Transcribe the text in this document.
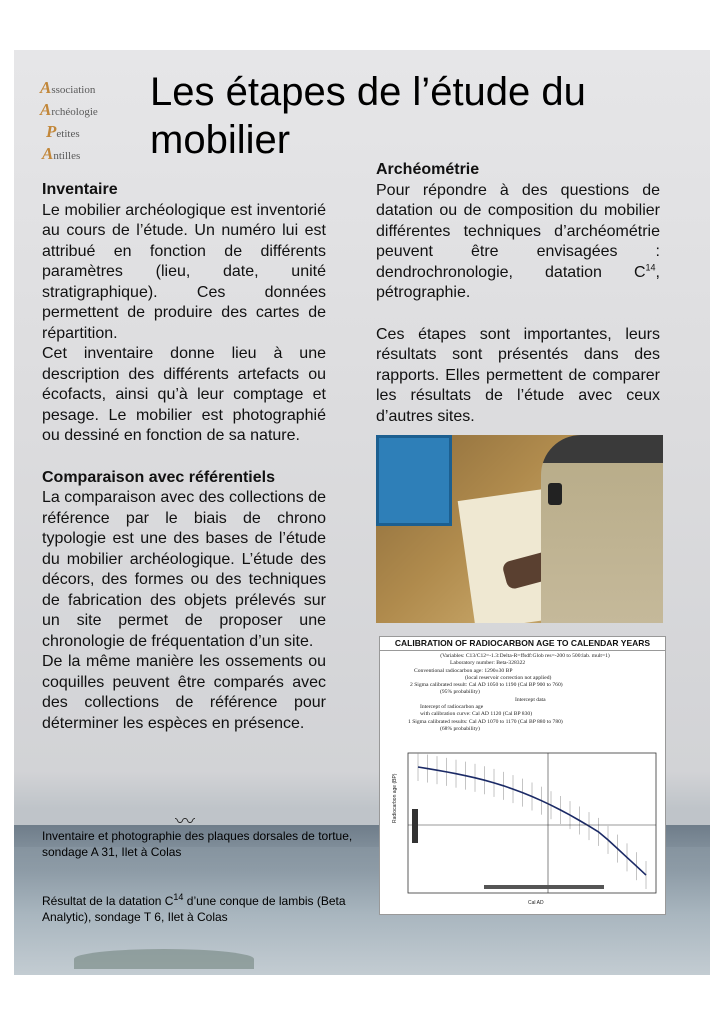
〰
Association
Archéologie
Petites
Antilles
Les étapes de l’étude du mobilier
Inventaire

Le mobilier archéologique est inventorié au cours de l’étude. Un numéro lui est attribué en fonction de différents paramètres (lieu, date, unité stratigraphique). Ces données permettent de produire des cartes de répartition.

Cet inventaire donne lieu à une description des différents artefacts ou écofacts, ainsi qu’à leur comptage et pesage. Le mobilier est photographié ou dessiné en fonction de sa nature.

Comparaison avec référentiels

La comparaison avec des collections de référence par le biais de chrono typologie est une des bases de l’étude du mobilier archéologique. L’étude des décors, des formes ou des techniques de fabrication des objets prélevés sur un site permet de proposer une chronologie de fréquentation d’un site.

De la même manière les ossements ou coquilles peuvent être comparés avec des collections de référence pour déterminer les espèces en présence.

Archéométrie

Pour répondre à des questions de datation ou de composition du mobilier différentes techniques d’archéométrie peuvent être envisagées : dendrochronologie, datation $C^{14}$, pétrographie.

Ces étapes sont importantes, leurs résultats sont présentés dans des rapports. Elles permettent de comparer les résultats de l’étude avec ceux d’autres sites.

CALIBRATION OF RADIOCARBON AGE TO CALENDAR YEARS
(Variables: C13/C12=-1.3:Delta-R=ffsdf:Glob res=-200 to 500:lab. mult=1)
Laboratory number: Beta-328322
Conventional radiocarbon age: 1290±30 BP
(local reservoir correction not applied)
2 Sigma calibrated result: Cal AD 1050 to 1190 (Cal BP 900 to 760)
(95% probability)
Intercept data
Intercept of radiocarbon age
with calibration curve: Cal AD 1120 (Cal BP 830)
1 Sigma calibrated results: Cal AD 1070 to 1170 (Cal BP 880 to 780)
(68% probability)
Radiocarbon age (BP)
Cal AD
Inventaire et photographie des plaques dorsales de tortue, sondage A 31, Ilet à Colas
Résultat de la datation $C^{14}$ d’une conque de lambis (Beta Analytic), sondage T 6, Ilet à Colas
